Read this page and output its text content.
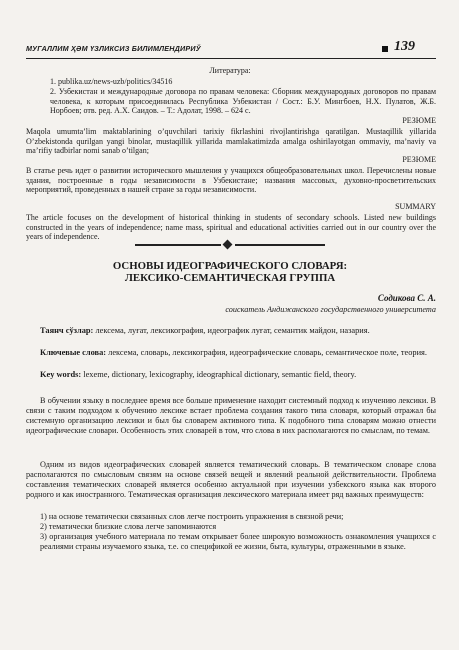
МУГАЛЛИМ ҲӘМ ҮЗЛИКСИЗ БИЛИМЛЕНДИРИЎ	139
Литература:
1. publika.uz/news-uzb/politics/34516
2. Узбекистан и международные договора по правам человека: Сборник международных договоров по правам человека, к которым присоединилась Республика Узбекистан / Сост.: Б.У. Мингбоев, Н.Х. Пулатов, Ж.Б. Норбоев; отв. ред. А.Х. Саидов. – Т.: Адолат, 1998. – 624 с.
РЕЗЮМЕ
Maqola umumta’lim maktablarining o’quvchilari tarixiy fikrlashini rivojlantirishga qaratilgan. Mustaqillik yillarida O’zbekistonda qurilgan yangi binolar, mustaqillik yillarida mamlakatimizda amalga oshirilayotgan ommaviy, ma’naviy va ma’rifiy tadbirlar nomi sanab o’tilgan;
РЕЗЮМЕ
В статье речь идет о развитии исторического мышления у учащихся общеобразовательных школ. Перечислены новые здания, построенные в годы независимости в Узбекистане; названия массовых, духовно-просветительских мероприятий, проведенных в нашей стране за годы независимости.
SUMMARY
The article focuses on the development of historical thinking in students of secondary schools. Listed new buildings constructed in the years of independence; name mass, spiritual and educational activities carried out in our country over the years of independence.
ОСНОВЫ ИДЕОГРАФИЧЕСКОГО СЛОВАРЯ:
ЛЕКСИКО-СЕМАНТИЧЕСКАЯ ГРУППА
Содикова С. А.
соискатель Андижанского государственного университета
Таянч сўзлар: лексема, луғат, лексикография, идеографик луғат, семантик майдон, назария.
Ключевые слова: лексема, словарь, лексикография, идеографические словарь, семантическое поле, теория.
Key words: lexeme, dictionary, lexicography, ideographical dictionary, semantic field, theory.
В обучении языку в последнее время все больше применение находит системный подход к изучению лексики. В связи с таким подходом к обучению лексике встает проблема создания такого типа словаря, который отражал бы системную организацию лексики и был бы словарем активного типа. К подобного типа словарям можно отнести идеографические словари. Особенность этих словарей в том, что слова в них располагаются по смыслам, по темам.
Одним из видов идеографических словарей является тематический словарь. В тематическом словаре слова располагаются по смысловым связям на основе связей вещей и явлений реальной действительности. Проблема составления тематических словарей является особенно актуальной при изучении узбекского языка как второго родного и как иностранного. Тематическая организация лексического материала имеет ряд важных преимуществ:
1) на основе тематически связанных слов легче построить упражнения в связной речи;
2) тематически близкие слова легче запоминаются
3) организация учебного материала по темам открывает более широкую возможность ознакомления учащихся с реалиями страны изучаемого языка, т.е. со спецификой ее жизни, быта, культуры, отраженными в языке.
